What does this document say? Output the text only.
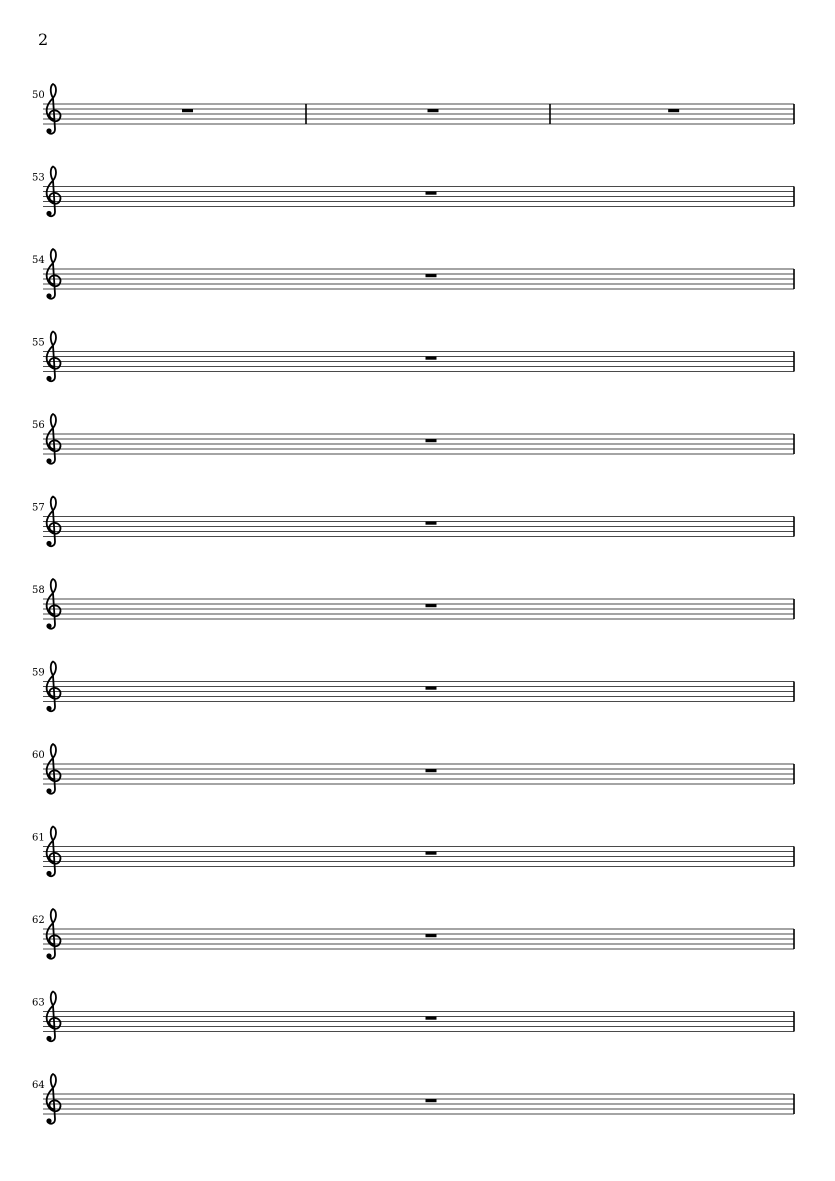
2
50
53
54
55
56
57
58
59
60
61
62
63
64
